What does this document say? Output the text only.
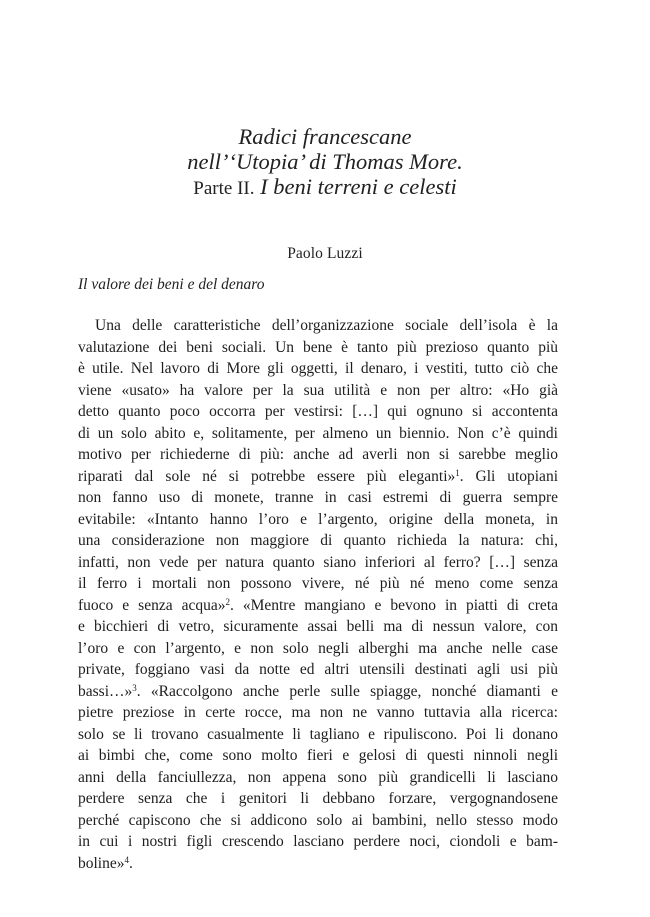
Radici francescane
nell’‘Utopia’ di Thomas More.
Parte II. I beni terreni e celesti
Paolo Luzzi
Il valore dei beni e del denaro
Una delle caratteristiche dell’organizzazione sociale dell’isola è la
valutazione dei beni sociali. Un bene è tanto più prezioso quanto più
è utile. Nel lavoro di More gli oggetti, il denaro, i vestiti, tutto ciò che
viene «usato» ha valore per la sua utilità e non per altro: «Ho già
detto quanto poco occorra per vestirsi: […] qui ognuno si accontenta
di un solo abito e, solitamente, per almeno un biennio. Non c’è quindi
motivo per richiederne di più: anche ad averli non si sarebbe meglio
riparati dal sole né si potrebbe essere più eleganti»$^1$. Gli utopiani
non fanno uso di monete, tranne in casi estremi di guerra sempre
evitabile: «Intanto hanno l’oro e l’argento, origine della moneta, in
una considerazione non maggiore di quanto richieda la natura: chi,
infatti, non vede per natura quanto siano inferiori al ferro? […] senza
il ferro i mortali non possono vivere, né più né meno come senza
fuoco e senza acqua»$^2$. «Mentre mangiano e bevono in piatti di creta
e bicchieri di vetro, sicuramente assai belli ma di nessun valore, con
l’oro e con l’argento, e non solo negli alberghi ma anche nelle case
private, foggiano vasi da notte ed altri utensili destinati agli usi più
bassi…»$^3$. «Raccolgono anche perle sulle spiagge, nonché diamanti e
pietre preziose in certe rocce, ma non ne vanno tuttavia alla ricerca:
solo se li trovano casualmente li tagliano e ripuliscono. Poi li donano
ai bimbi che, come sono molto fieri e gelosi di questi ninnoli negli
anni della fanciullezza, non appena sono più grandicelli li lasciano
perdere senza che i genitori li debbano forzare, vergognandosene
perché capiscono che si addicono solo ai bambini, nello stesso modo
in cui i nostri figli crescendo lasciano perdere noci, ciondoli e bam-
boline»$^4$.
